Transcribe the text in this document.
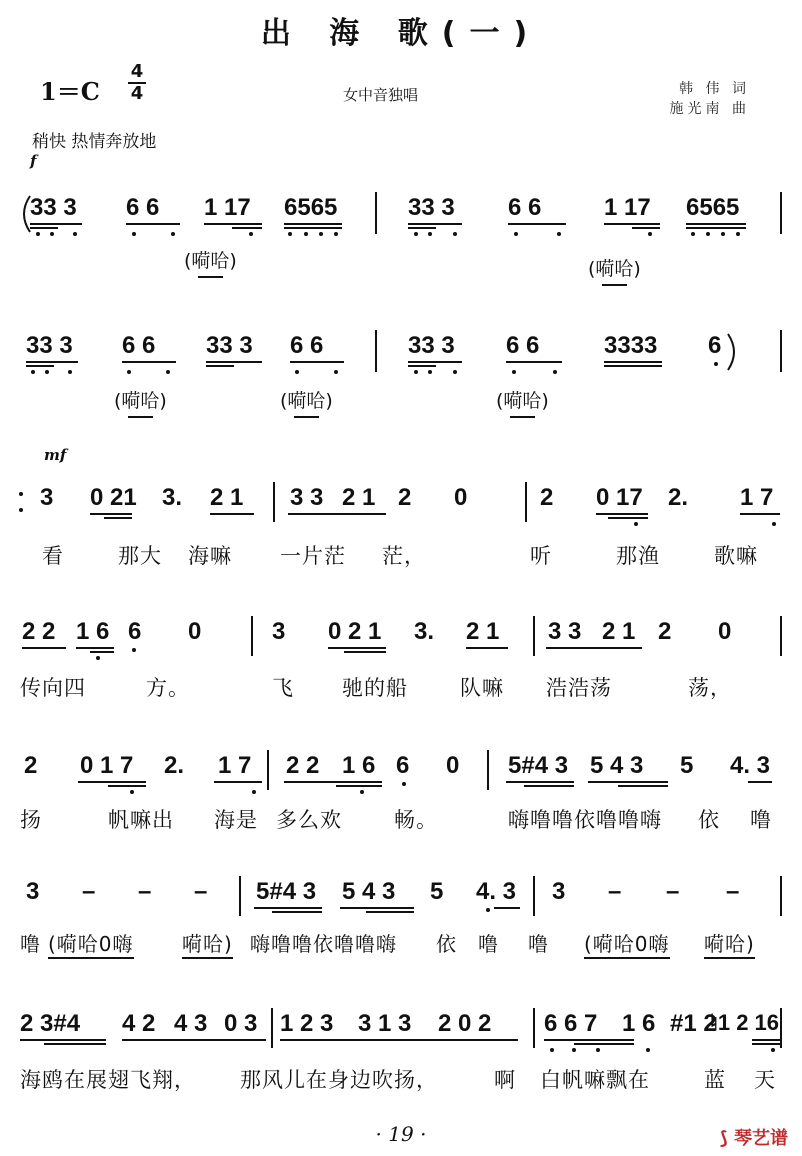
出 海 歌(一)
1＝C
4
4	女中音独唱	韩 伟 词
施光南 曲
稍快 热情奔放地
f
33 3 6 6 1 17 6565	33 3 6 6	1 17 6565
(嗬哈)	(嗬哈)
33 3 6 6 33 3 6 6	33 3 6 6	3333 6
(嗬哈)	(嗬哈)	(嗬哈)
mf
3 0 21 3. 2 1 3 3 2 1 2 0	2 0 17 2. 1 7
看	那大 海嘛 一片茫 茫，	听	那渔	歌嘛
2 2 1 6 6 0	3 0 2 1 3. 2 1 3 3 2 1 2 0
传向四	方。	飞 驰的船 队嘛 浩浩荡	荡，
2 0 1 7 2. 1 7 2 2 1 6 6 0 5#4 3 5 4 3 5 4. 3
扬	帆嘛出 海是 多么欢 畅。	嗨噜噜依噜噜嗨 依 噜
3 – – – 5#4 3 5 4 3 5 4. 3 3 – – –
噜 (嗬哈0嗨 嗬哈) 嗨噜噜依噜噜嗨 依 噜 噜 (嗬哈0嗨 嗬哈)
2 3#4 4 2 4 3 0 3 1 2 3 3 1 3 2 0 2 6 6 7 1 6 #1 2
♮1 2 16
海鸥在展翅飞翔， 那风儿在身边吹扬，	啊 白帆嘛飘在	蓝 天
· 19 ·	⟆ 琴艺谱
